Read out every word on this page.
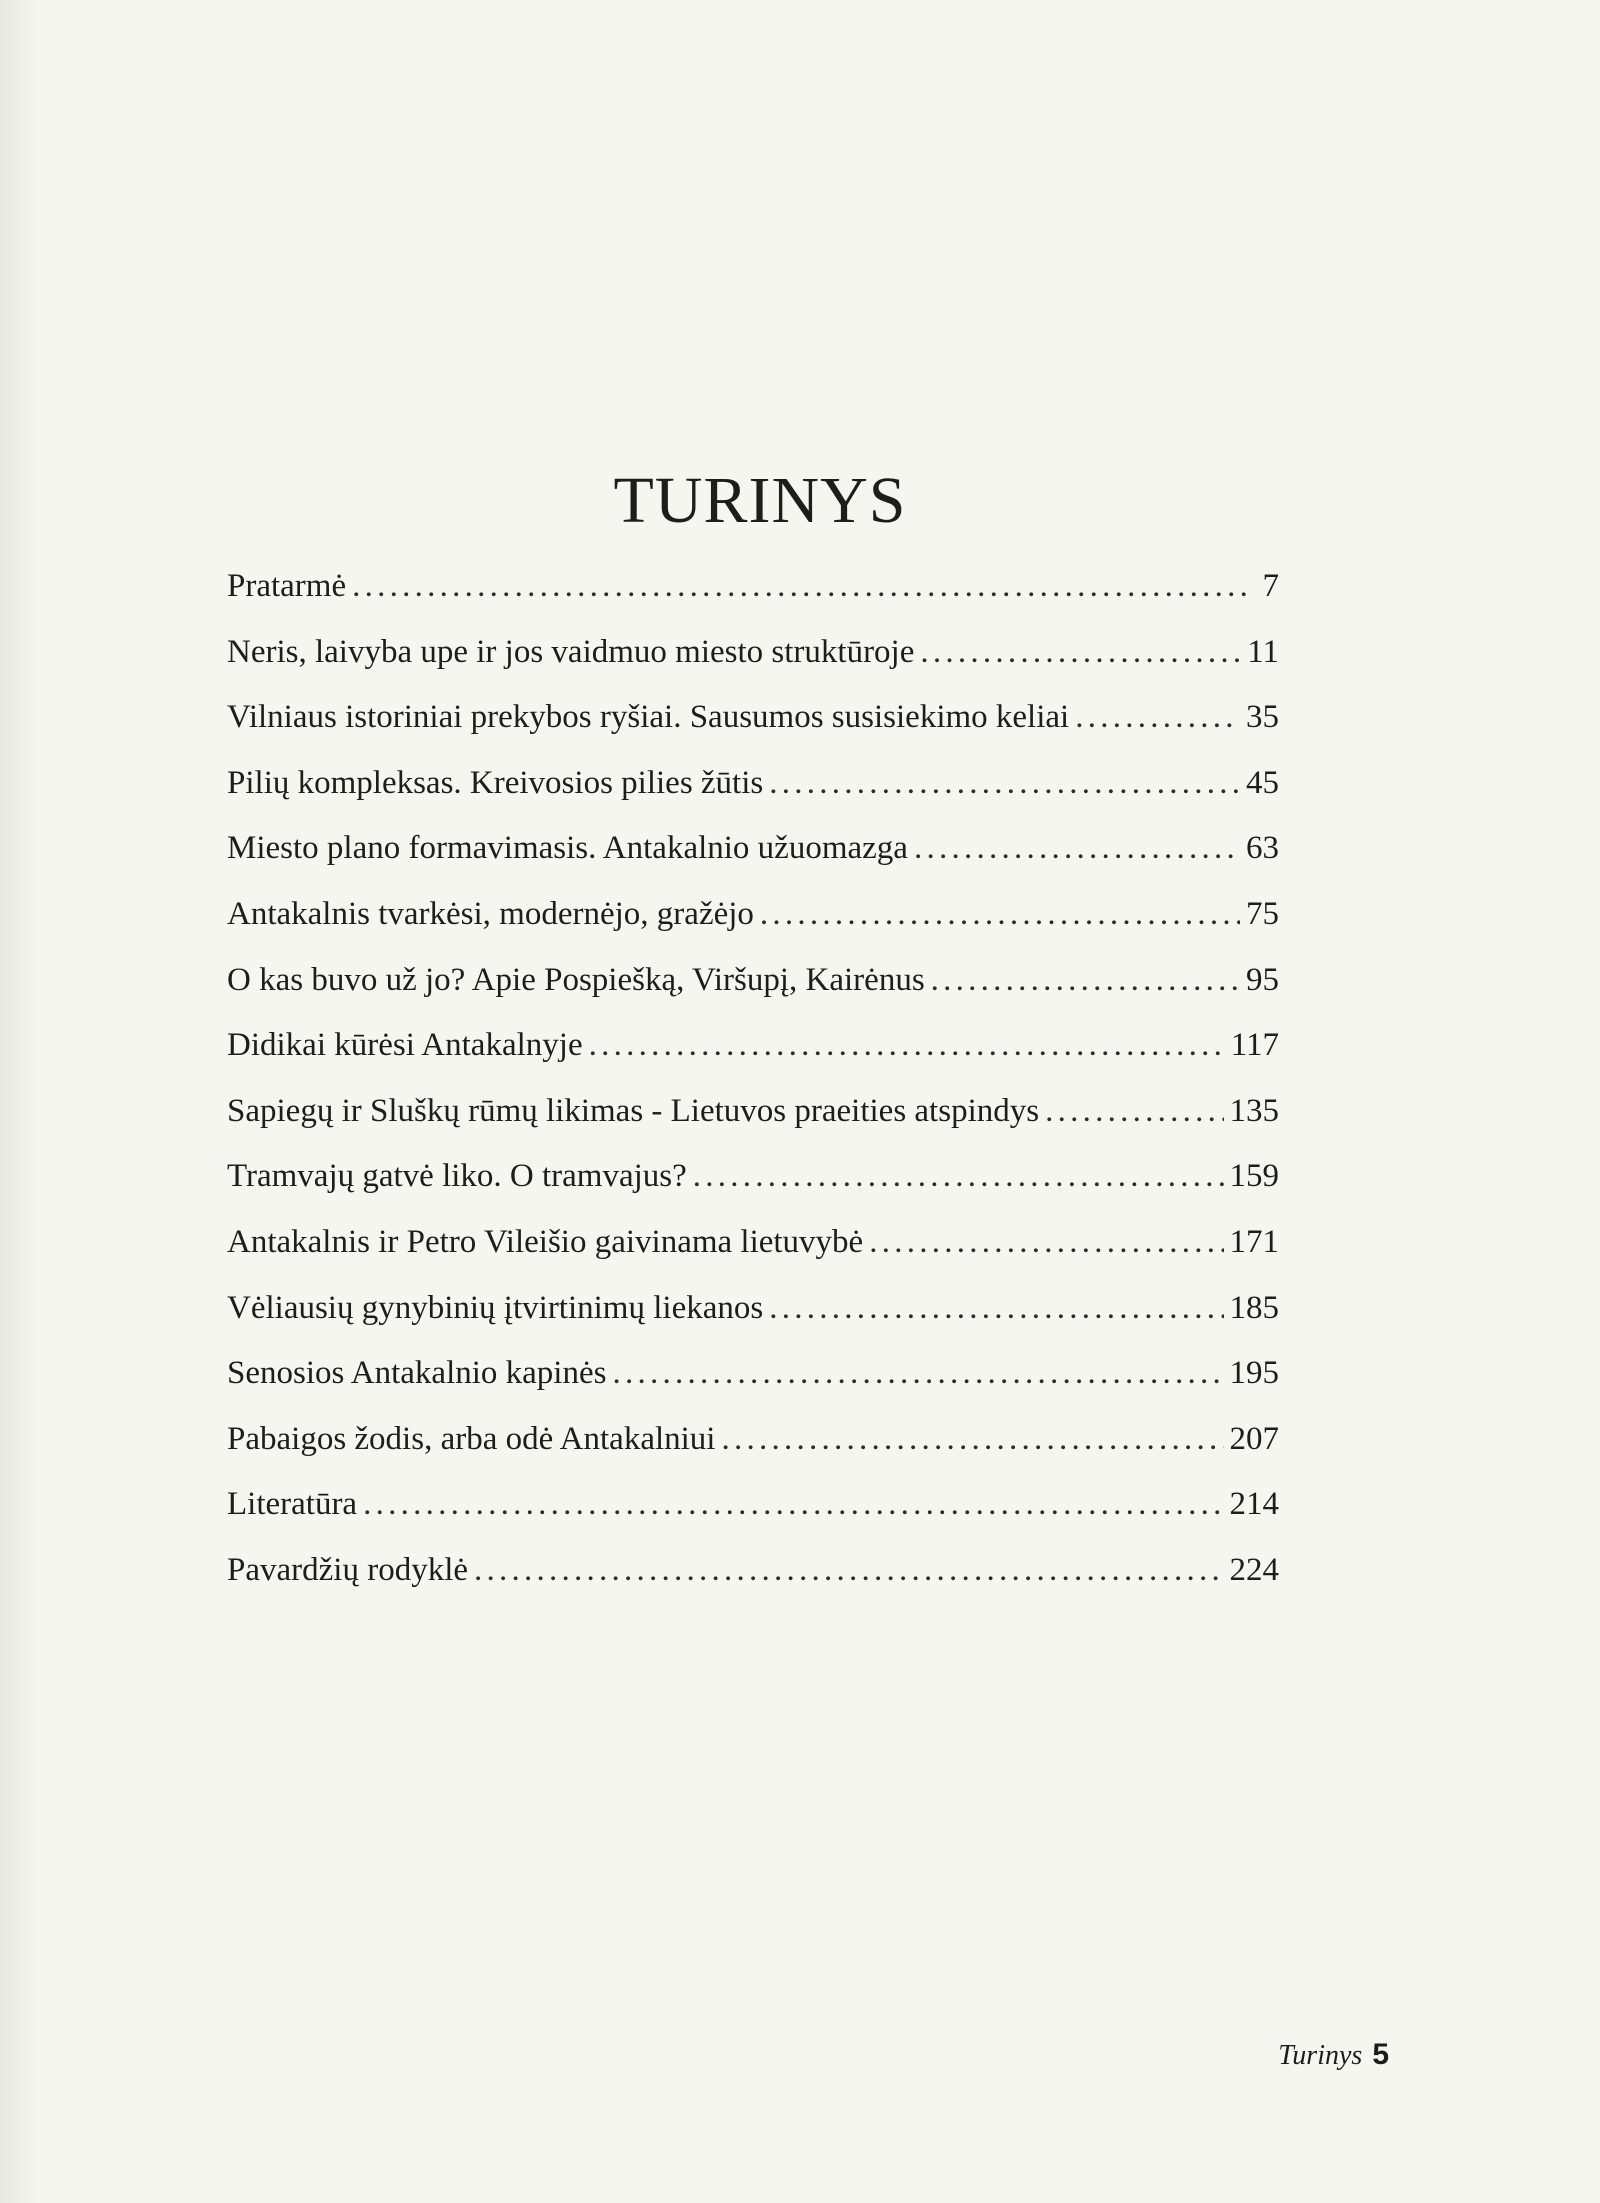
TURINYS
Pratarmė . . .	7
Neris, laivyba upe ir jos vaidmuo miesto struktūroje . . .	11
Vilniaus istoriniai prekybos ryšiai. Sausumos susisiekimo keliai . . .	35
Pilių kompleksas. Kreivosios pilies žūtis . . .	45
Miesto plano formavimasis. Antakalnio užuomazga . . .	63
Antakalnis tvarkėsi, modernėjo, gražėjo . . .	75
O kas buvo už jo? Apie Pospiešką, Viršupį, Kairėnus . . .	95
Didikai kūrėsi Antakalnyje . . .	117
Sapiegų ir Sluškų rūmų likimas - Lietuvos praeities atspindys . . .	135
Tramvajų gatvė liko. O tramvajus? . . .	159
Antakalnis ir Petro Vileišio gaivinama lietuvybė . . .	171
Vėliausių gynybinių įtvirtinimų liekanos . . .	185
Senosios Antakalnio kapinės . . .	195
Pabaigos žodis, arba odė Antakalniui . . .	207
Literatūra . . .	214
Pavardžių rodyklė . . .	224
Turinys 5
